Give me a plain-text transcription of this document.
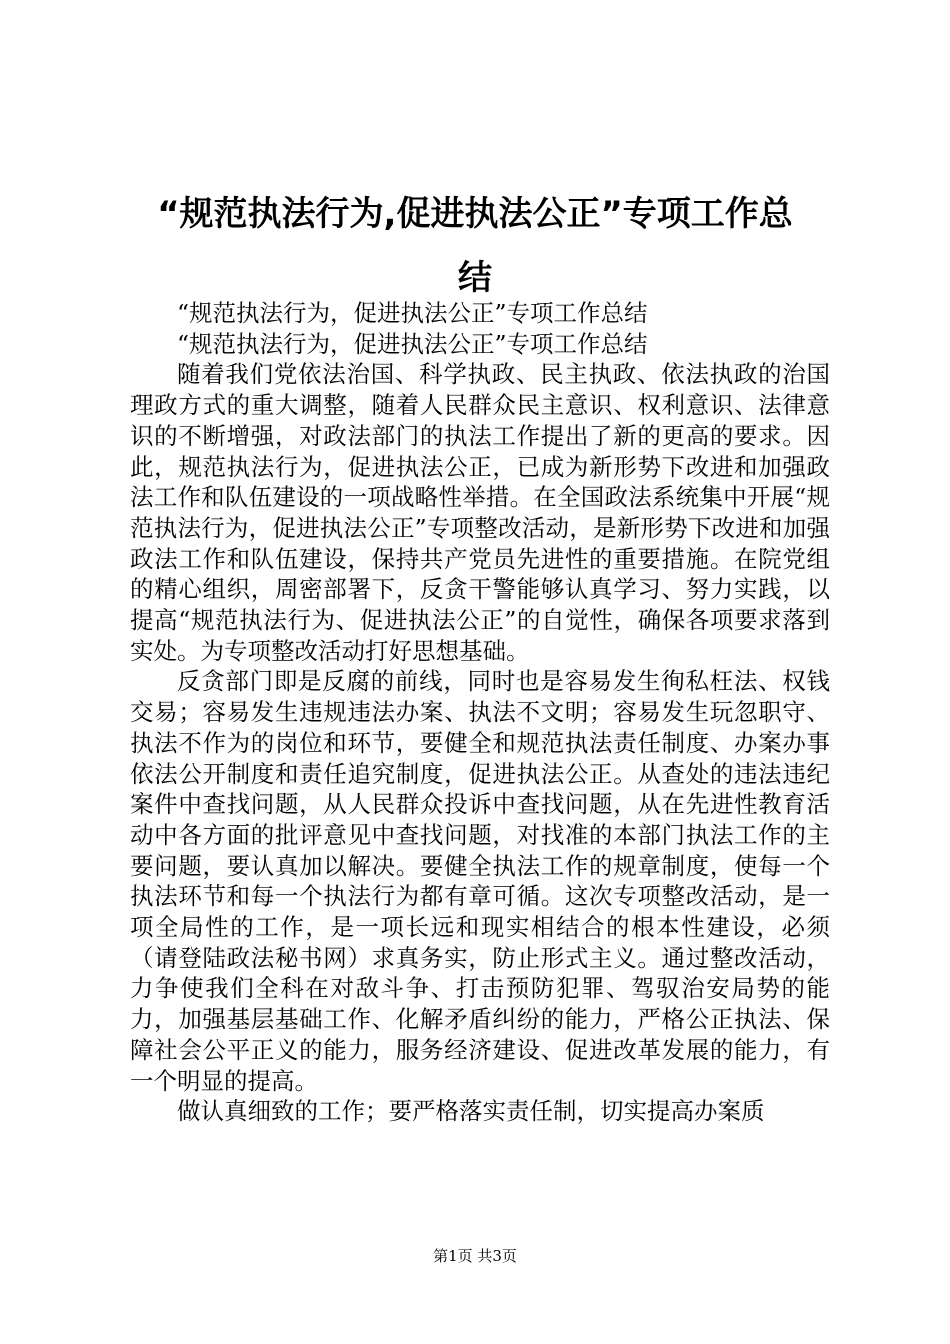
“规范执法行为,促进执法公正”专项工作总
结

“规范执法行为，促进执法公正”专项工作总结

“规范执法行为，促进执法公正”专项工作总结

随着我们党依法治国、科学执政、民主执政、依法执政的治国理政方式的重大调整，随着人民群众民主意识、权利意识、法律意识的不断增强，对政法部门的执法工作提出了新的更高的要求。因此，规范执法行为，促进执法公正，已成为新形势下改进和加强政法工作和队伍建设的一项战略性举措。在全国政法系统集中开展“规范执法行为，促进执法公正”专项整改活动，是新形势下改进和加强政法工作和队伍建设，保持共产党员先进性的重要措施。在院党组的精心组织，周密部署下，反贪干警能够认真学习、努力实践，以提高“规范执法行为、促进执法公正”的自觉性，确保各项要求落到实处。为专项整改活动打好思想基础。

反贪部门即是反腐的前线，同时也是容易发生徇私枉法、权钱交易；容易发生违规违法办案、执法不文明；容易发生玩忽职守、执法不作为的岗位和环节，要健全和规范执法责任制度、办案办事依法公开制度和责任追究制度，促进执法公正。从查处的违法违纪案件中查找问题，从人民群众投诉中查找问题，从在先进性教育活动中各方面的批评意见中查找问题，对找准的本部门执法工作的主要问题，要认真加以解决。要健全执法工作的规章制度，使每一个执法环节和每一个执法行为都有章可循。这次专项整改活动，是一项全局性的工作，是一项长远和现实相结合的根本性建设，必须（请登陆政法秘书网）求真务实，防止形式主义。通过整改活动，力争使我们全科在对敌斗争、打击预防犯罪、驾驭治安局势的能力，加强基层基础工作、化解矛盾纠纷的能力，严格公正执法、保障社会公平正义的能力，服务经济建设、促进改革发展的能力，有一个明显的提高。

做认真细致的工作；要严格落实责任制，切实提高办案质

第1页 共3页
